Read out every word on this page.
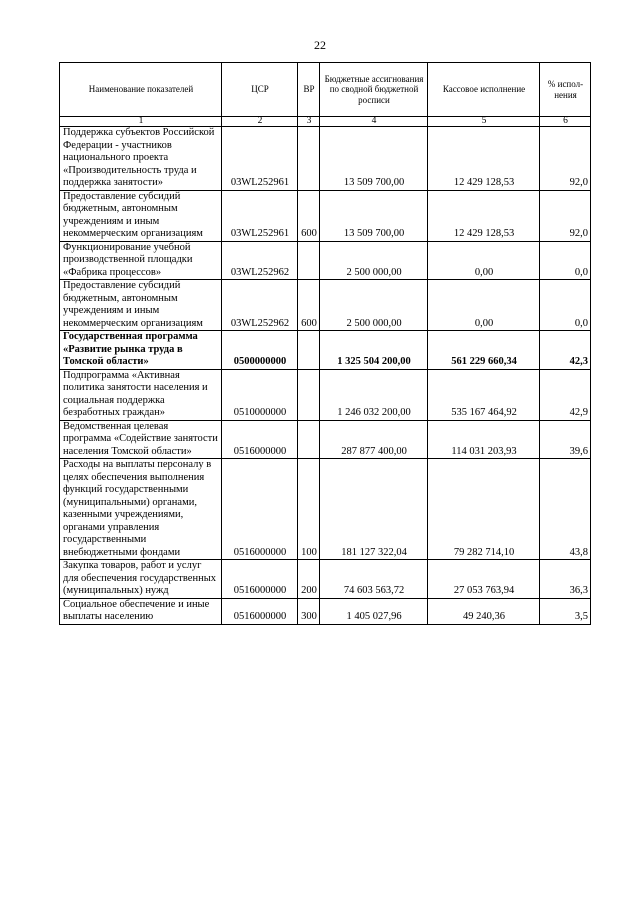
22
Наименование показателей	ЦСР	ВР	Бюджетные ассигнования по сводной бюджетной росписи	Кассовое исполнение	% испол-нения
1	2	3	4	5	6
Поддержка субъектов Российской Федерации - участников национального проекта «Производительность труда и поддержка занятости»	03WL252961		13 509 700,00	12 429 128,53	92,0
Предоставление субсидий бюджетным, автономным учреждениям и иным некоммерческим организациям	03WL252961	600	13 509 700,00	12 429 128,53	92,0
Функционирование учебной производственной площадки «Фабрика процессов»	03WL252962		2 500 000,00	0,00	0,0
Предоставление субсидий бюджетным, автономным учреждениям и иным некоммерческим организациям	03WL252962	600	2 500 000,00	0,00	0,0
Государственная программа «Развитие рынка труда в Томской области»	0500000000		1 325 504 200,00	561 229 660,34	42,3
Подпрограмма «Активная политика занятости населения и социальная поддержка безработных граждан»	0510000000		1 246 032 200,00	535 167 464,92	42,9
Ведомственная целевая программа «Содействие занятости населения Томской области»	0516000000		287 877 400,00	114 031 203,93	39,6
Расходы на выплаты персоналу в целях обеспечения выполнения функций государственными (муниципальными) органами, казенными учреждениями, органами управления государственными внебюджетными фондами	0516000000	100	181 127 322,04	79 282 714,10	43,8
Закупка товаров, работ и услуг для обеспечения государственных (муниципальных) нужд	0516000000	200	74 603 563,72	27 053 763,94	36,3
Социальное обеспечение и иные выплаты населению	0516000000	300	1 405 027,96	49 240,36	3,5
